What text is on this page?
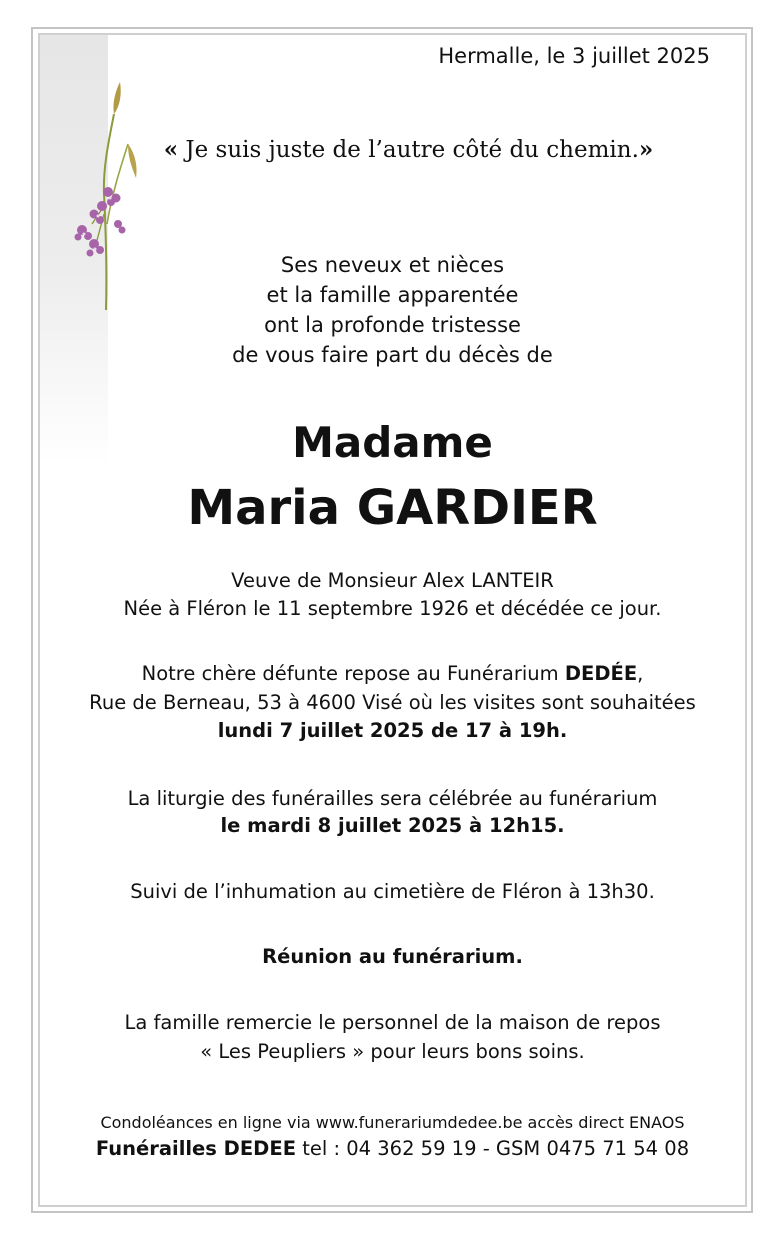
Hermalle, le 3 juillet 2025
« Je suis juste de l’autre côté du chemin.»
Ses neveux et nièces
et la famille apparentée
ont la profonde tristesse
de vous faire part du décès de
Madame
Maria GARDIER
Veuve de Monsieur Alex LANTEIR
Née à Fléron le 11 septembre 1926 et décédée ce jour.
Notre chère défunte repose au Funérarium DEDÉE,
Rue de Berneau, 53 à 4600 Visé où les visites sont souhaitées
lundi 7 juillet 2025 de 17 à 19h.
La liturgie des funérailles sera célébrée au funérarium
le mardi 8 juillet 2025 à 12h15.
Suivi de l’inhumation au cimetière de Fléron à 13h30.
Réunion au funérarium.
La famille remercie le personnel de la maison de repos
« Les Peupliers » pour leurs bons soins.
Condoléances en ligne via www.funerariumdedee.be accès direct ENAOS
Funérailles DEDEE tel : 04 362 59 19 - GSM 0475 71 54 08
